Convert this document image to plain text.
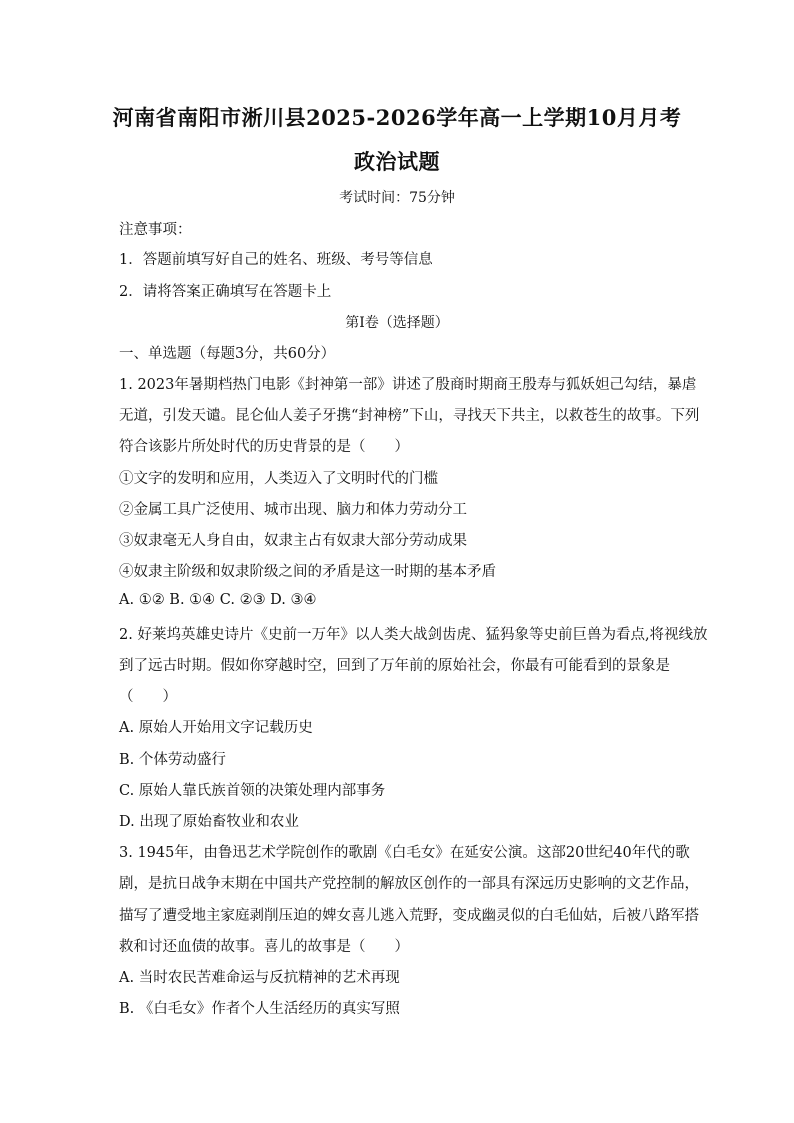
河南省南阳市淅川县2025-2026学年高一上学期10月月考
政治试题
考试时间：75分钟
注意事项：
1．答题前填写好自己的姓名、班级、考号等信息
2．请将答案正确填写在答题卡上
第I卷（选择题）
一、单选题（每题3分，共60分）
1. 2023年暑期档热门电影《封神第一部》讲述了殷商时期商王殷寿与狐妖妲己勾结，暴虐
无道，引发天谴。昆仑仙人姜子牙携“封神榜”下山，寻找天下共主，以救苍生的故事。下列
符合该影片所处时代的历史背景的是（　　）
①文字的发明和应用，人类迈入了文明时代的门槛
②金属工具广泛使用、城市出现、脑力和体力劳动分工
③奴隶毫无人身自由，奴隶主占有奴隶大部分劳动成果
④奴隶主阶级和奴隶阶级之间的矛盾是这一时期的基本矛盾
A. ①② B. ①④ C. ②③ D. ③④
2. 好莱坞英雄史诗片《史前一万年》以人类大战剑齿虎、猛犸象等史前巨兽为看点,将视线放
到了远古时期。假如你穿越时空，回到了万年前的原始社会，你最有可能看到的景象是
（　　）
A. 原始人开始用文字记载历史
B. 个体劳动盛行
C. 原始人靠氏族首领的决策处理内部事务
D. 出现了原始畜牧业和农业
3. 1945年，由鲁迅艺术学院创作的歌剧《白毛女》在延安公演。这部20世纪40年代的歌
剧，是抗日战争末期在中国共产党控制的解放区创作的一部具有深远历史影响的文艺作品，
描写了遭受地主家庭剥削压迫的婢女喜儿逃入荒野，变成幽灵似的白毛仙姑，后被八路军搭
救和讨还血债的故事。喜儿的故事是（　　）
A. 当时农民苦难命运与反抗精神的艺术再现
B. 《白毛女》作者个人生活经历的真实写照
